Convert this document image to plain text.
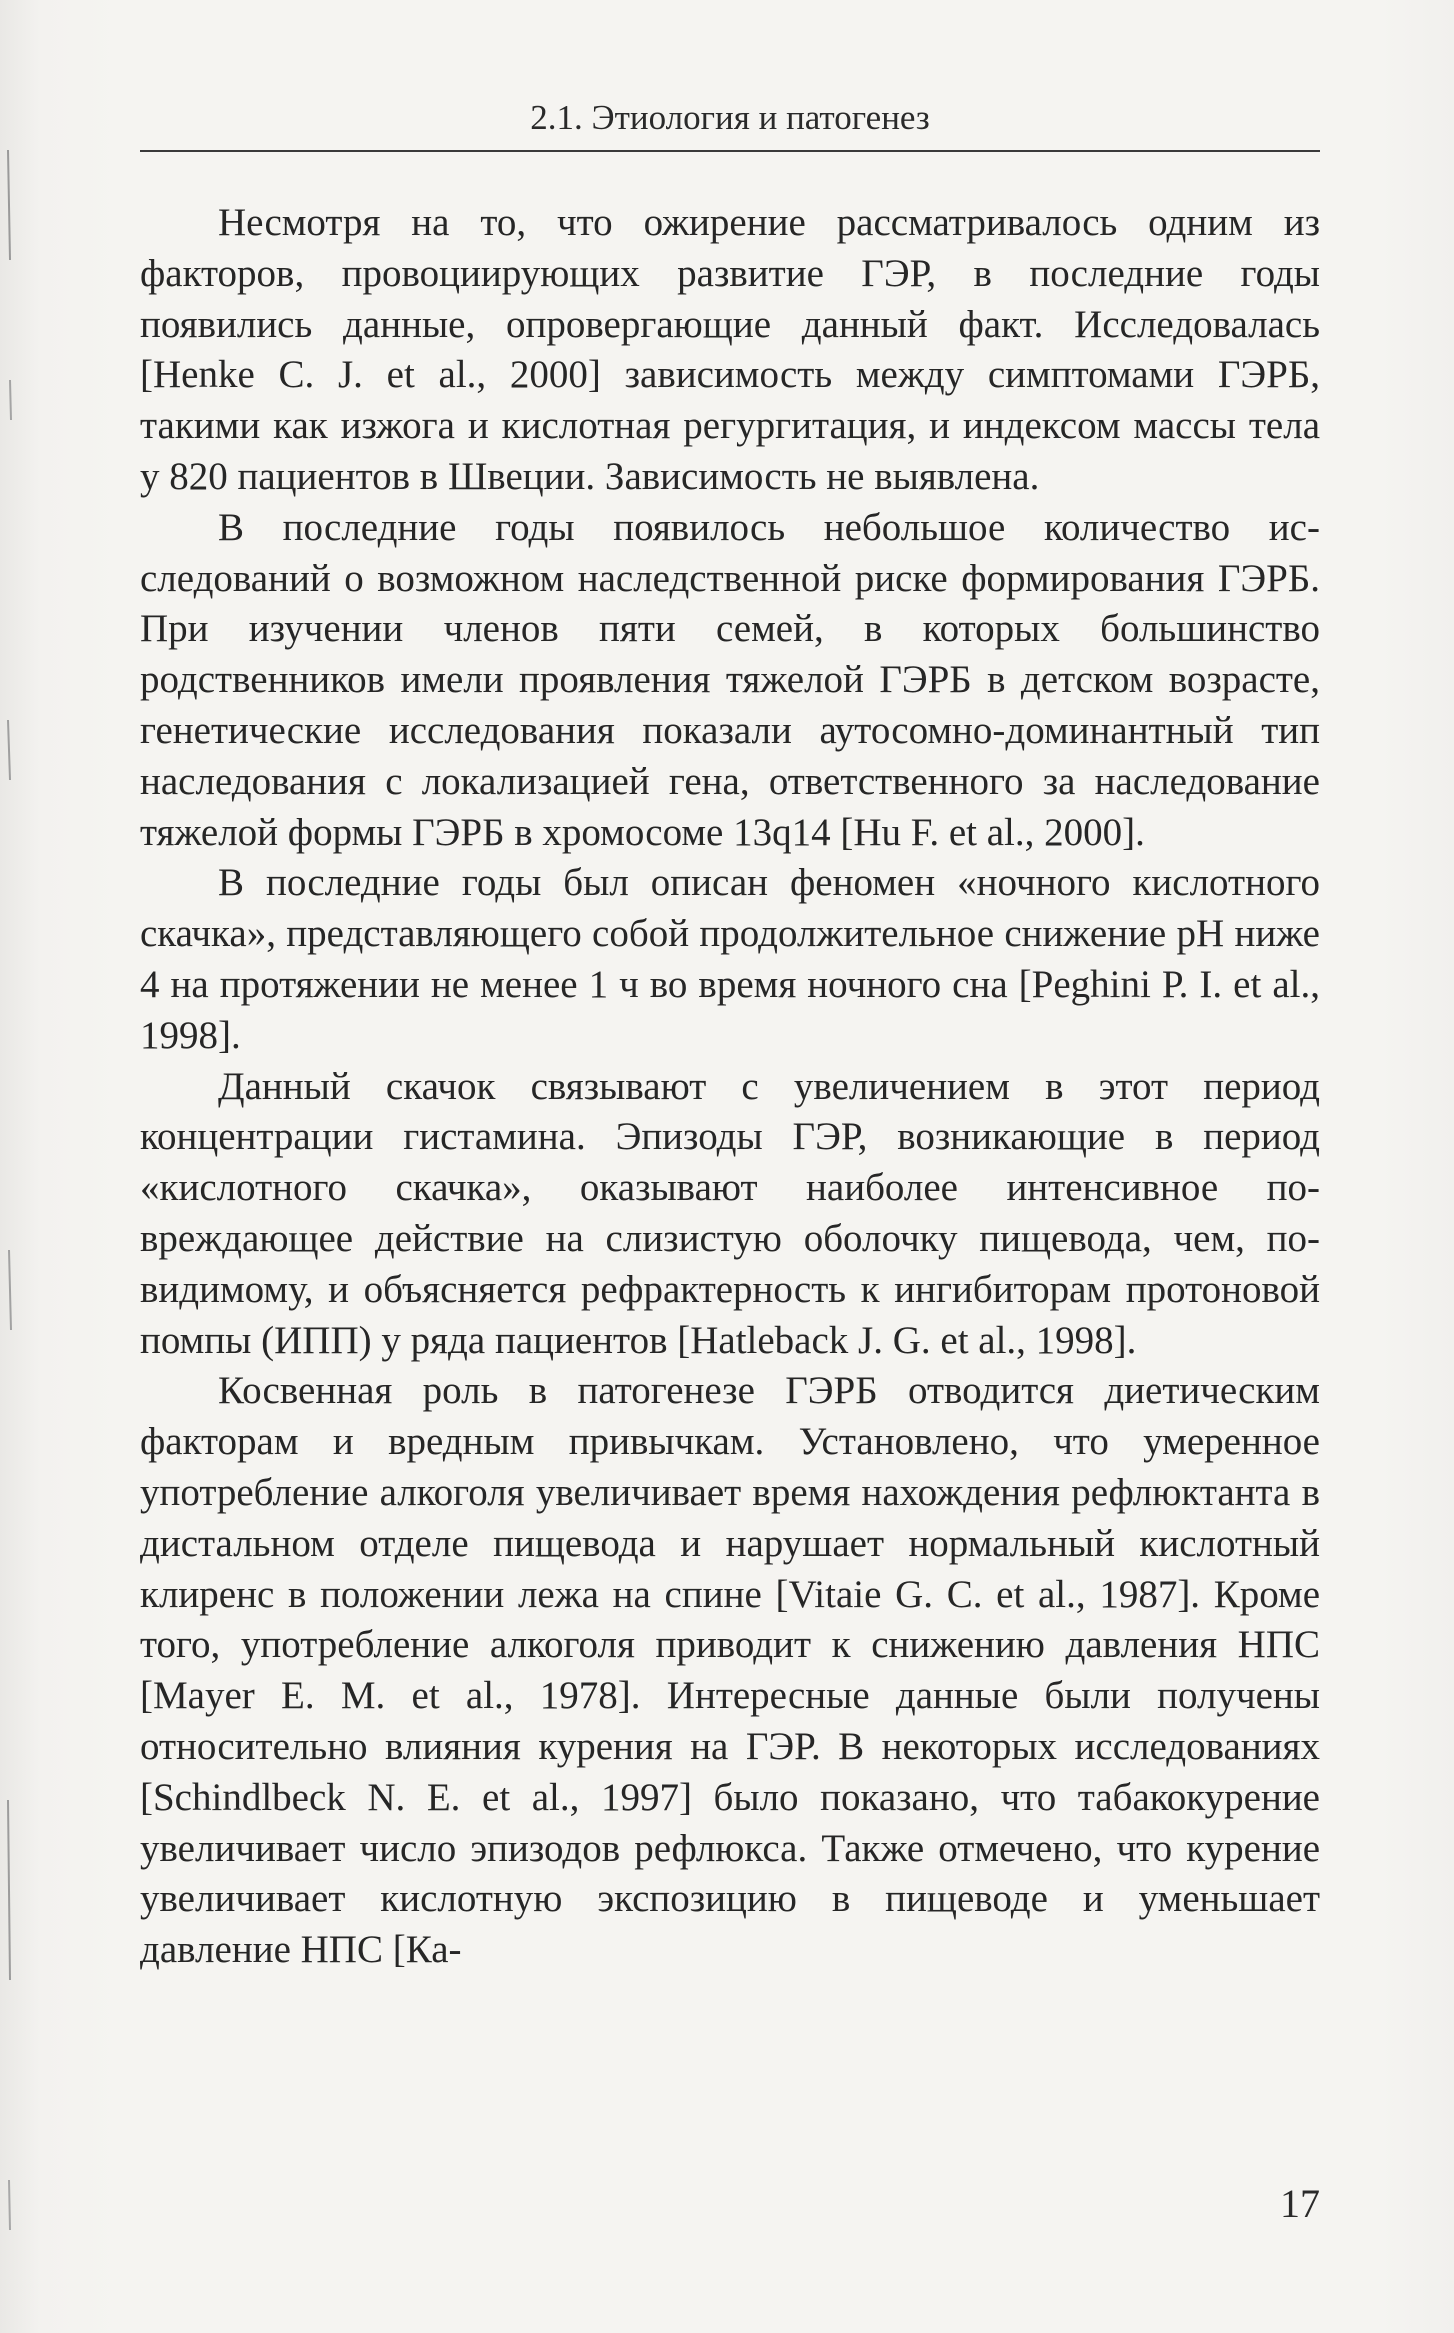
2.1. Этиология и патогенез

Несмотря на то, что ожирение рассматривалось одним из факторов, провоциирующих развитие ГЭР, в последние годы появились данные, опровергающие данный факт. Исследовалась [Henke С. J. et al., 2000] зависимость между симптомами ГЭРБ, такими как изжога и кислотная регургитация, и индексом массы тела у 820 пациентов в Швеции. Зависимость не выявлена.

В последние годы появилось небольшое количество исследований о возможном наследственной риске формирования ГЭРБ. При изучении членов пяти семей, в которых большинство родственников имели проявления тяжелой ГЭРБ в детском возрасте, генетические исследования показали аутосомно-доминантный тип наследования с локализацией гена, ответственного за наследование тяжелой формы ГЭРБ в хромосоме 13q14 [Hu F. et al., 2000].

В последние годы был описан феномен «ночного кислотного скачка», представляющего собой продолжительное снижение pH ниже 4 на протяжении не менее 1 ч во время ночного сна [Peghini Р. I. et al., 1998].

Данный скачок связывают с увеличением в этот период концентрации гистамина. Эпизоды ГЭР, возникающие в период «кислотного скачка», оказывают наиболее интенсивное повреждающее действие на слизистую оболочку пищевода, чем, по-видимому, и объясняется рефрактерность к ингибиторам протоновой помпы (ИПП) у ряда пациентов [Hatleback J. G. et al., 1998].

Косвенная роль в патогенезе ГЭРБ отводится диетическим факторам и вредным привычкам. Установлено, что умеренное употребление алкоголя увеличивает время нахождения рефлюктанта в дистальном отделе пищевода и нарушает нормальный кислотный клиренс в положении лежа на спине [Vitaie G. С. et al., 1987]. Кроме того, употребление алкоголя приводит к снижению давления НПС [Mayer Е. М. et al., 1978]. Интересные данные были получены относительно влияния курения на ГЭР. В некоторых исследованиях [Schindlbeck N. Е. et al., 1997] было показано, что табакокурение увеличивает число эпизодов рефлюкса. Также отмечено, что курение увеличивает кислотную экспозицию в пищеводе и уменьшает давление НПС [Ка-

17
